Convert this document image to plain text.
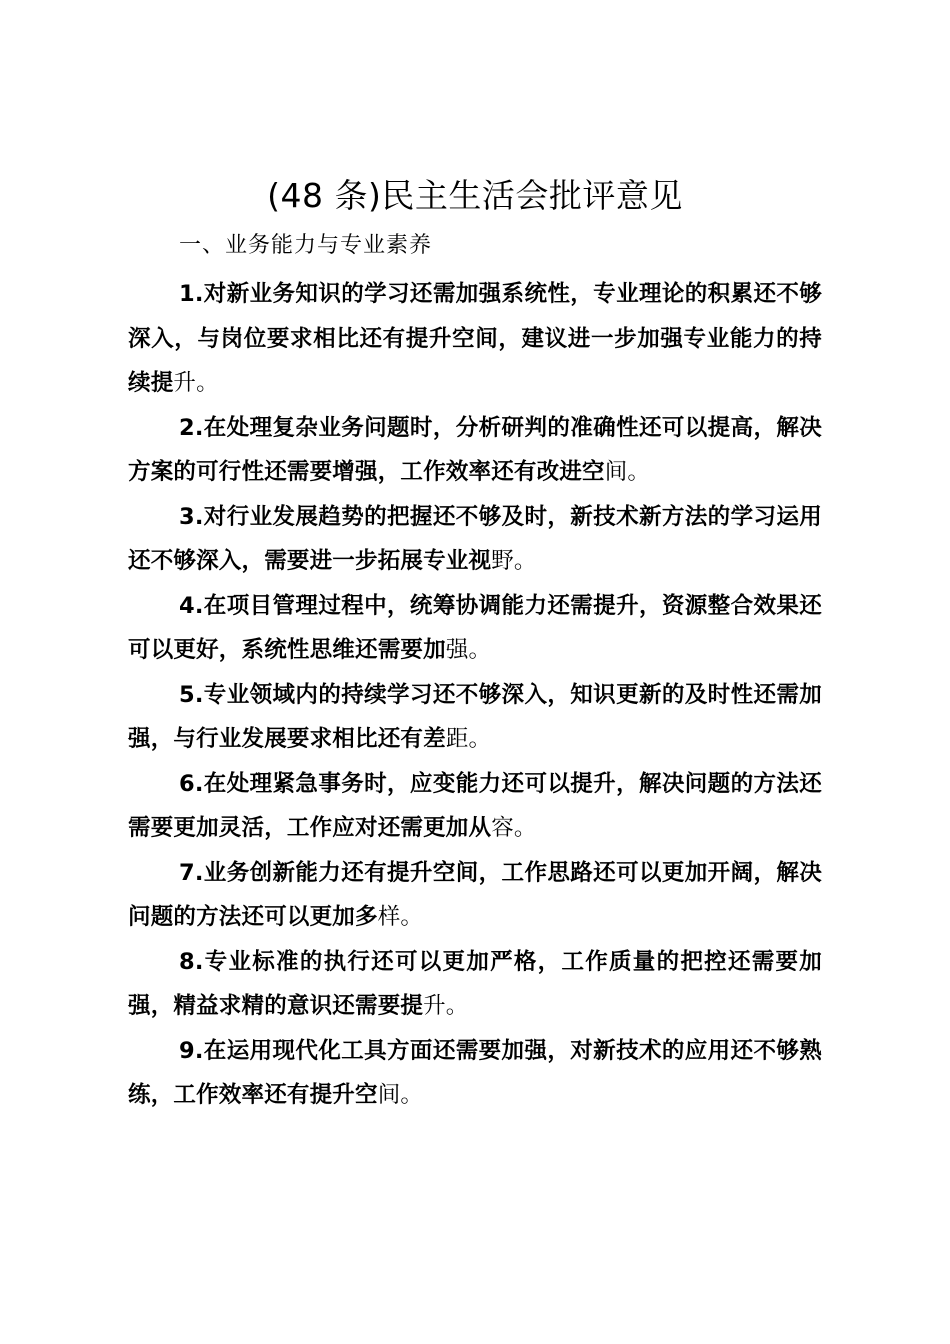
(48 条)民主生活会批评意见
一、业务能力与专业素养

1.对新业务知识的学习还需加强系统性，专业理论的积累还不够深入，与岗位要求相比还有提升空间，建议进一步加强专业能力的持续提升。

2.在处理复杂业务问题时，分析研判的准确性还可以提高，解决方案的可行性还需要增强，工作效率还有改进空间。

3.对行业发展趋势的把握还不够及时，新技术新方法的学习运用还不够深入，需要进一步拓展专业视野。

4.在项目管理过程中，统筹协调能力还需提升，资源整合效果还可以更好，系统性思维还需要加强。

5.专业领域内的持续学习还不够深入，知识更新的及时性还需加强，与行业发展要求相比还有差距。

6.在处理紧急事务时，应变能力还可以提升，解决问题的方法还需要更加灵活，工作应对还需更加从容。

7.业务创新能力还有提升空间，工作思路还可以更加开阔，解决问题的方法还可以更加多样。

8.专业标准的执行还可以更加严格，工作质量的把控还需要加强，精益求精的意识还需要提升。

9.在运用现代化工具方面还需要加强，对新技术的应用还不够熟练，工作效率还有提升空间。
